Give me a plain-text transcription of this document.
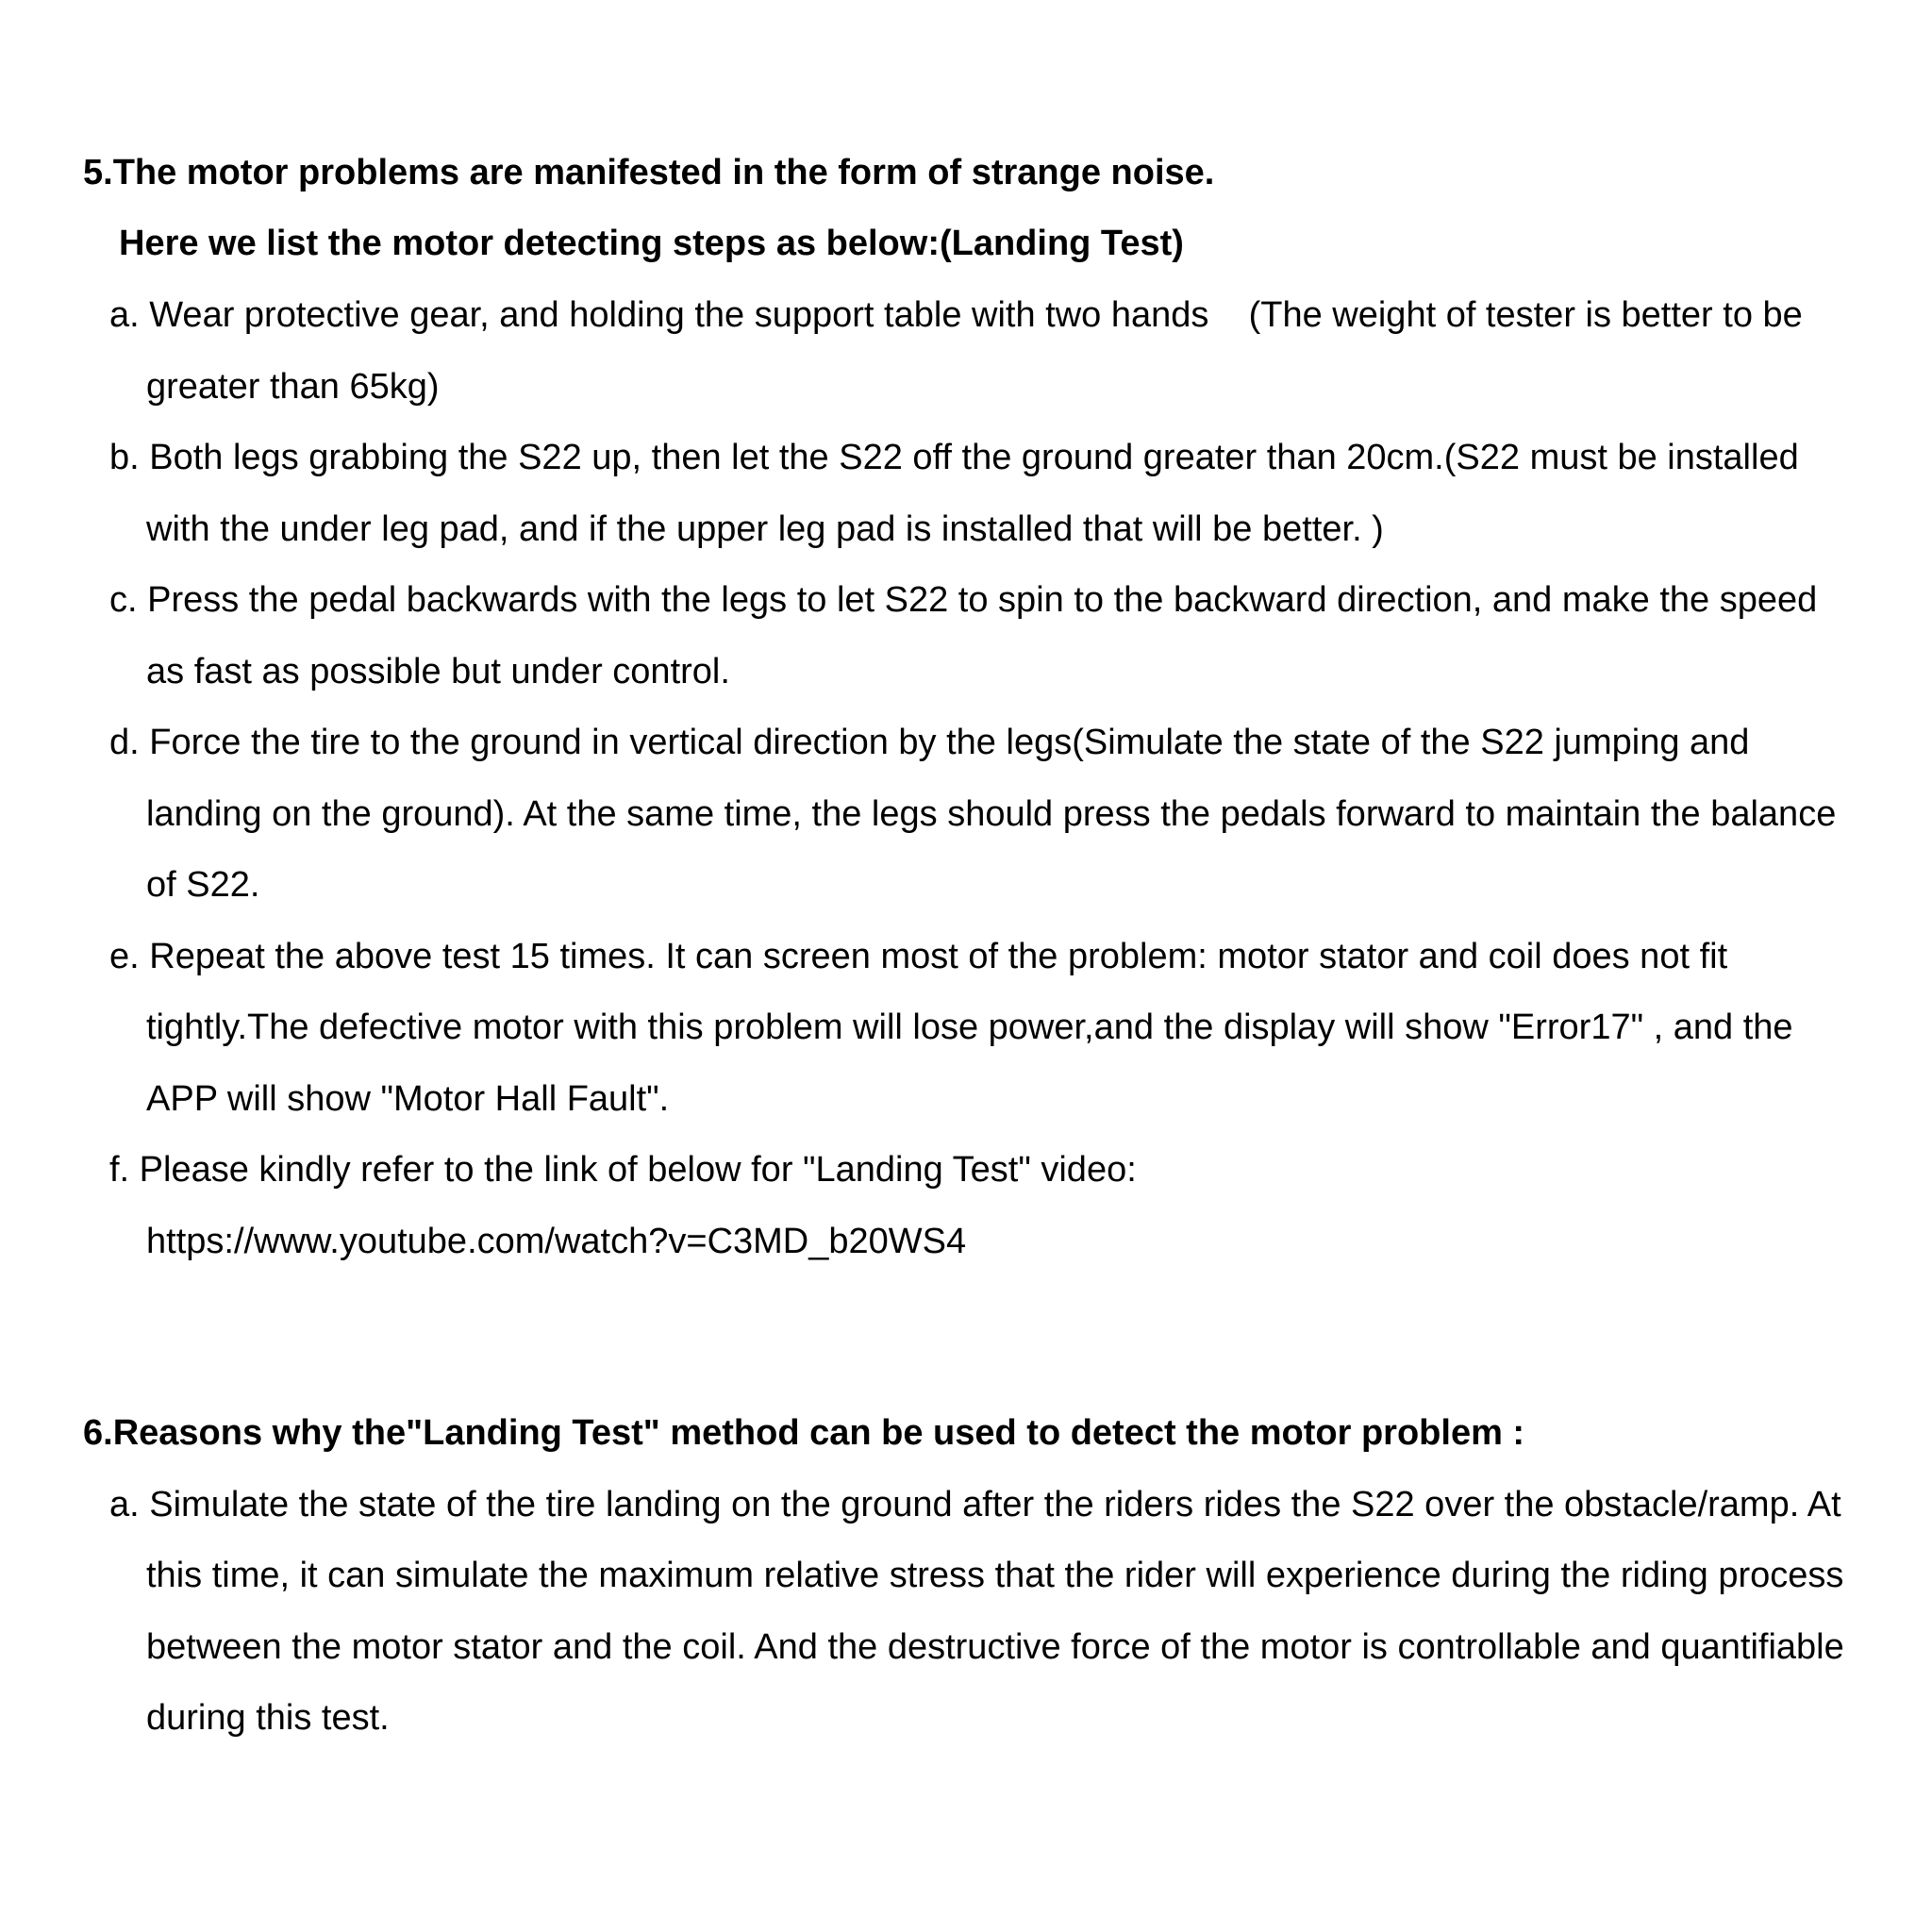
5.The motor problems are manifested in the form of strange noise.

Here we list the motor detecting steps as below:(Landing Test)

a. Wear protective gear, and holding the support table with two hands    (The weight of tester is better to be

greater than 65kg)

b. Both legs grabbing the S22 up, then let the S22 off the ground greater than 20cm.(S22 must be installed

with the under leg pad, and if the upper leg pad is installed that will be better. )

c. Press the pedal backwards with the legs to let S22 to spin to the backward direction, and make the speed

as fast as possible but under control.

d. Force the tire to the ground in vertical direction by the legs(Simulate the state of the S22 jumping and

landing on the ground). At the same time, the legs should press the pedals forward to maintain the balance

of S22.

e. Repeat the above test 15 times. It can screen most of the problem: motor stator and coil does not fit

tightly.The defective motor with this problem will lose power,and the display will show "Error17" , and the

APP will show "Motor Hall Fault".

f. Please kindly refer to the link of below for "Landing Test" video:

https://www.youtube.com/watch?v=C3MD_b20WS4

6.Reasons why the"Landing Test" method can be used to detect the motor problem :

a. Simulate the state of the tire landing on the ground after the riders rides the S22 over the obstacle/ramp. At

this time, it can simulate the maximum relative stress that the rider will experience during the riding process

between the motor stator and the coil. And the destructive force of the motor is controllable and quantifiable

during this test.
